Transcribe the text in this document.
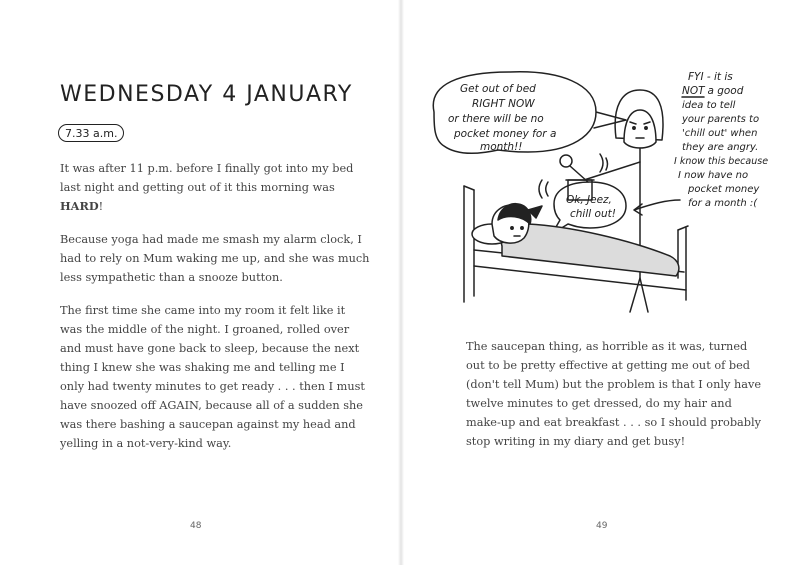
WEDNESDAY 4 JANUARY
7.33 a.m.

It was after 11 p.m. before I finally got into my bed last night and getting out of it this morning was HARD!

Because yoga had made me smash my alarm clock, I had to rely on Mum waking me up, and she was much less sympathetic than a snooze button.

The first time she came into my room it felt like it was the middle of the night. I groaned, rolled over and must have gone back to sleep, because the next thing I knew she was shaking me and telling me I only had twenty minutes to get ready . . . then I must have snoozed off AGAIN, because all of a sudden she was there bashing a saucepan against my head and yelling in a not-very-kind way.

48
Get out of bed
RIGHT NOW
or there will be no
pocket money for a
month!!
Ok, Jeez,
chill out!
FYI - it is
NOT a good
idea to tell
your parents to
'chill out' when
they are angry.
I know this because
I now have no
pocket money
for a month :(

The saucepan thing, as horrible as it was, turned out to be pretty effective at getting me out of bed (don't tell Mum) but the problem is that I only have twelve minutes to get dressed, do my hair and make-up and eat breakfast . . . so I should probably stop writing in my diary and get busy!

49
